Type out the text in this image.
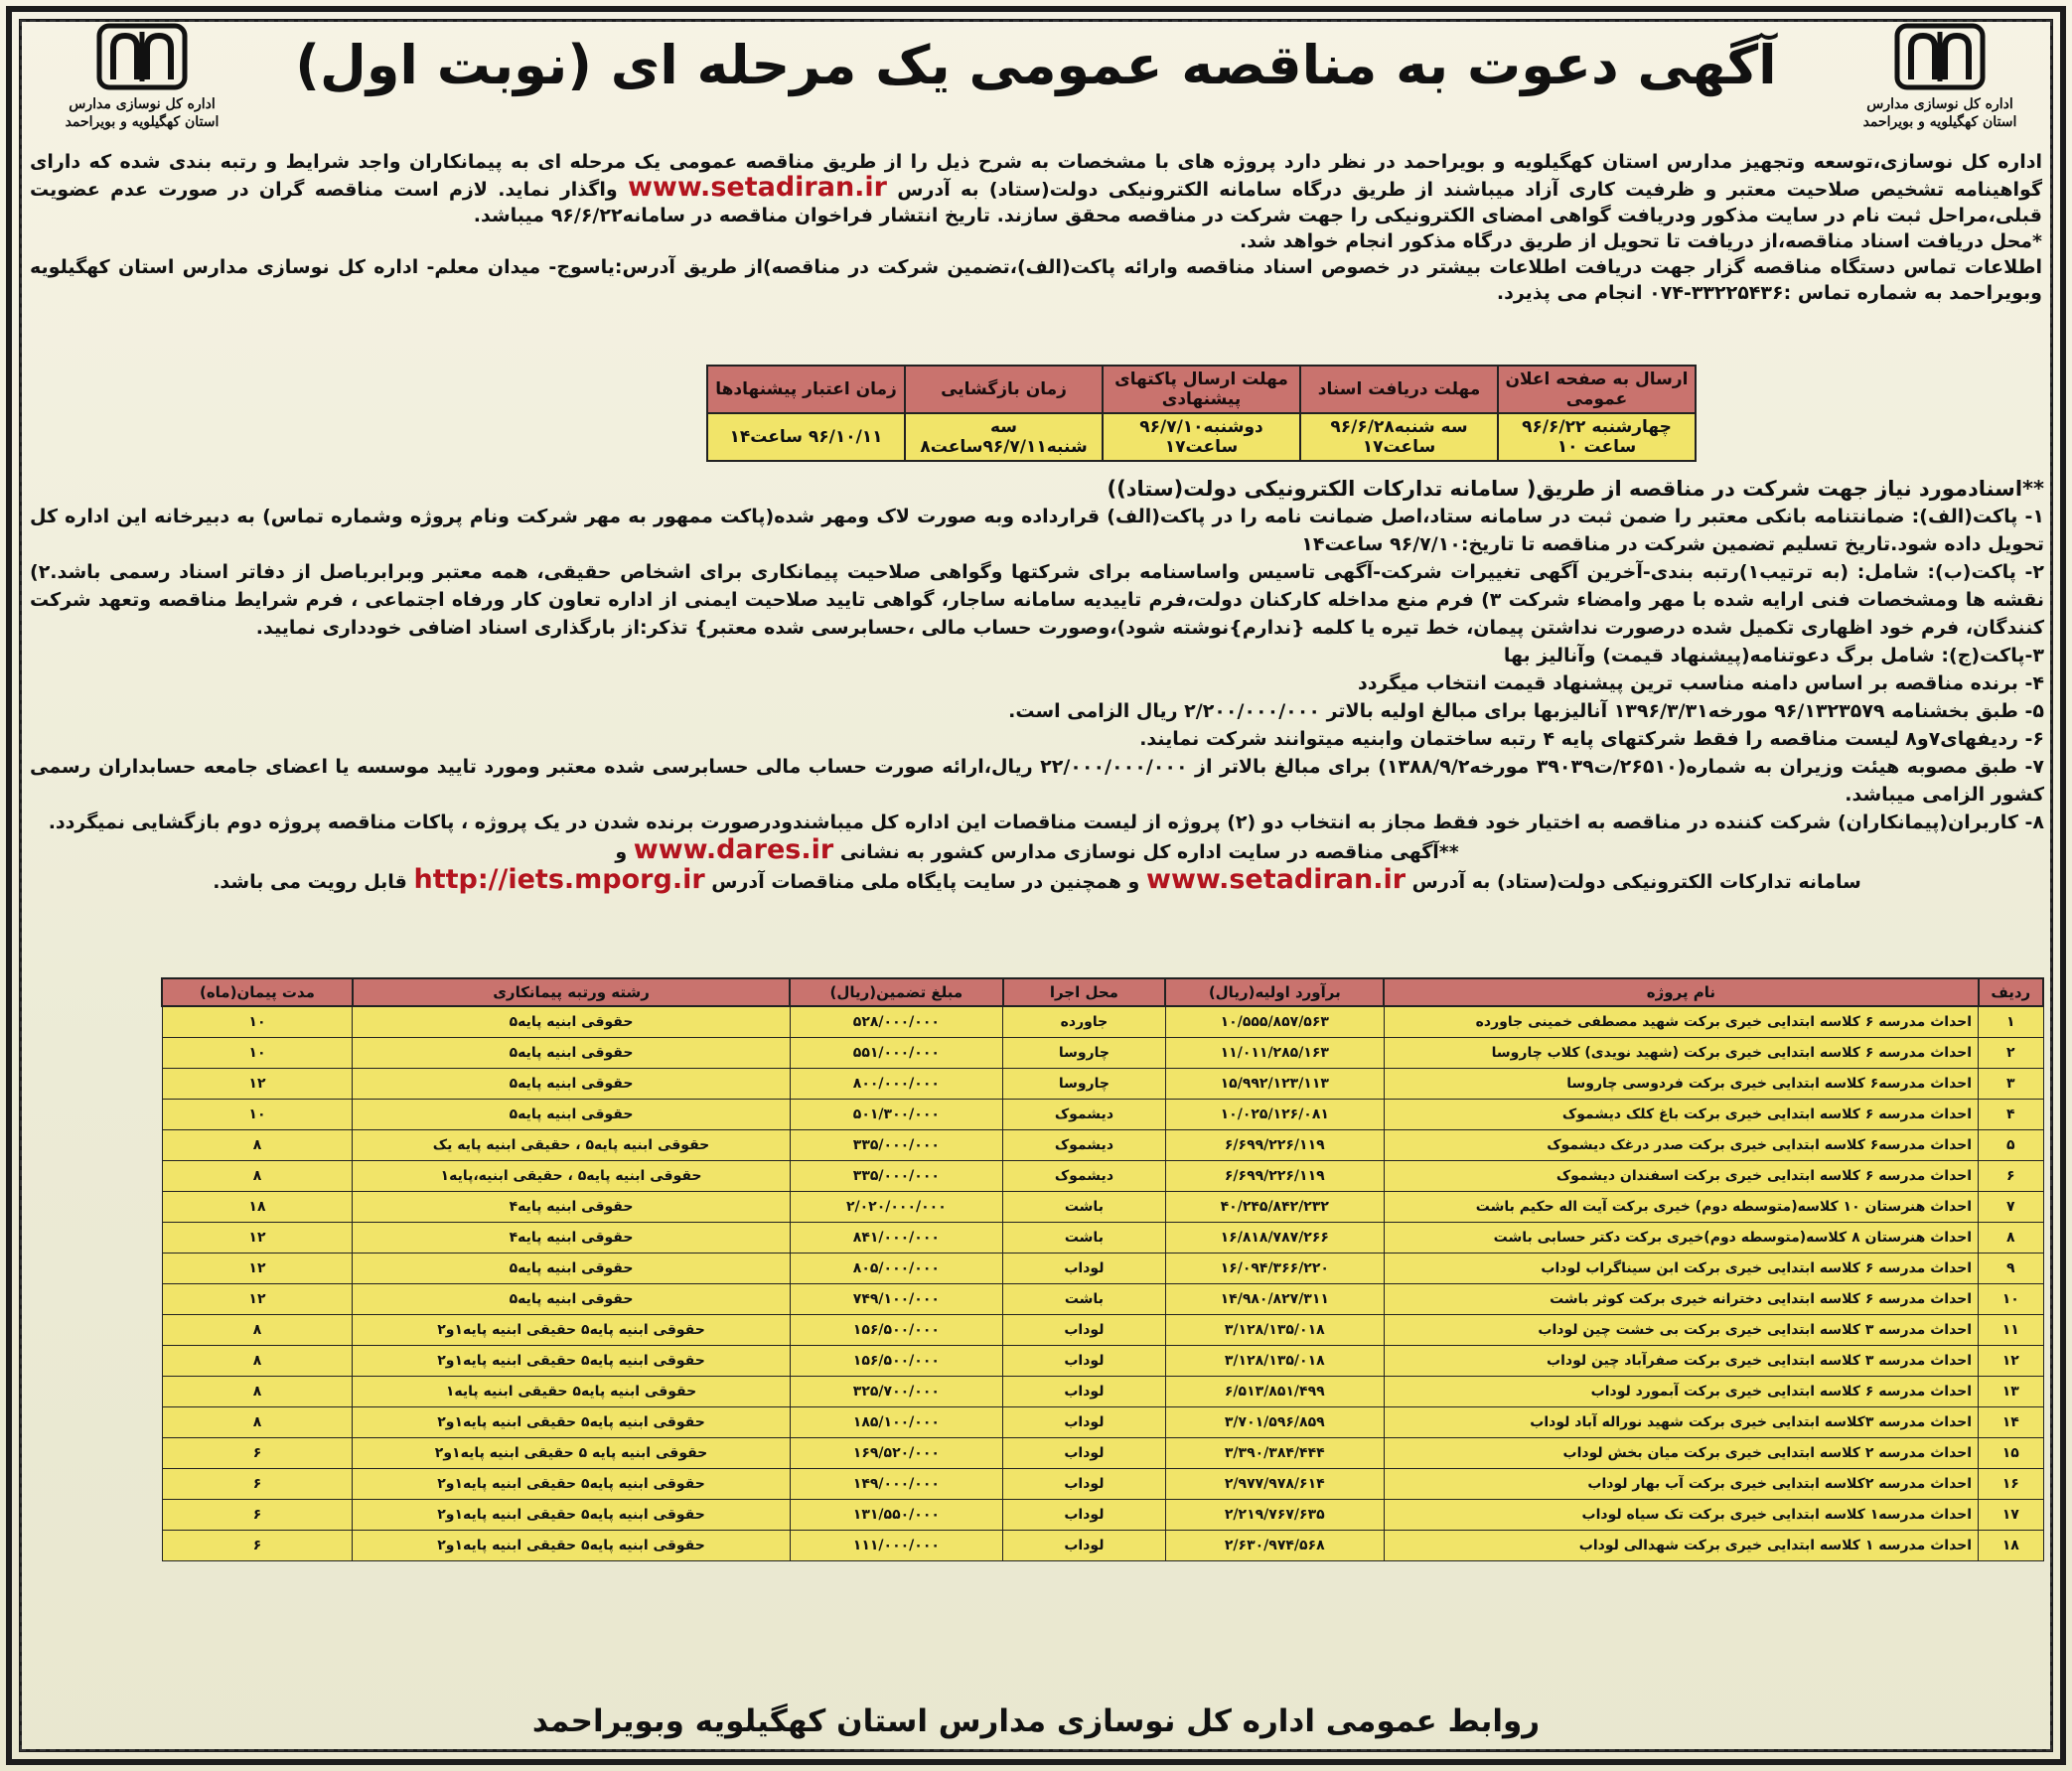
اداره کل نوسازی مدارس
استان کهگیلویه و بویراحمد
اداره کل نوسازی مدارس
استان کهگیلویه و بویراحمد
آگهی دعوت به مناقصه عمومی یک مرحله ای (نوبت اول)

اداره کل نوسازی،توسعه وتجهیز مدارس استان کهگیلویه و بویراحمد در نظر دارد پروژه های با مشخصات به شرح ذیل را از طریق مناقصه عمومی یک مرحله ای به پیمانکاران واجد شرایط و رتبه بندی شده که دارای گواهینامه تشخیص صلاحیت معتبر و ظرفیت کاری آزاد میباشند از طریق درگاه سامانه الکترونیکی دولت(ستاد) به آدرس www.setadiran.ir واگذار نماید. لازم است مناقصه گران در صورت عدم عضویت قبلی،مراحل ثبت نام در سایت مذکور ودریافت گواهی امضای الکترونیکی را جهت شرکت در مناقصه محقق سازند. تاریخ انتشار فراخوان مناقصه در سامانه۹۶/۶/۲۲ میباشد.

*محل دریافت اسناد مناقصه،از دریافت تا تحویل از طریق درگاه مذکور انجام خواهد شد.

اطلاعات تماس دستگاه مناقصه گزار جهت دریافت اطلاعات بیشتر در خصوص اسناد مناقصه وارائه پاکت(الف)،تضمین شرکت در مناقصه)از طریق آدرس:یاسوج- میدان معلم- اداره کل نوسازی مدارس استان کهگیلویه وبویراحمد به شماره تماس :۳۳۲۲۵۴۳۶-۰۷۴ انجام می پذیرد.

ارسال به صفحه اعلان عمومی	مهلت دریافت اسناد	مهلت ارسال پاکتهای پیشنهادی	زمان بازگشایی	زمان اعتبار پیشنهادها
چهارشنبه ۹۶/۶/۲۲ ساعت ۱۰	سه شنبه۹۶/۶/۲۸ ساعت۱۷	دوشنبه۹۶/۷/۱۰ ساعت۱۷	سه شنبه۹۶/۷/۱۱ساعت۸	۹۶/۱۰/۱۱ ساعت۱۴

**اسنادمورد نیاز جهت شرکت در مناقصه از طریق( سامانه تدارکات الکترونیکی دولت(ستاد))

۱- پاکت(الف): ضمانتنامه بانکی معتبر را ضمن ثبت در سامانه ستاد،اصل ضمانت نامه را در پاکت(الف) قرارداده وبه صورت لاک ومهر شده(پاکت ممهور به مهر شرکت ونام پروژه وشماره تماس) به دبیرخانه این اداره کل تحویل داده شود.تاریخ تسلیم تضمین شرکت در مناقصه تا تاریخ:۹۶/۷/۱۰ ساعت۱۴

۲- پاکت(ب): شامل: (به ترتیب۱)رتبه بندی-آخرین آگهی تغییرات شرکت-آگهی تاسیس واساسنامه برای شرکتها وگواهی صلاحیت پیمانکاری برای اشخاص حقیقی، همه معتبر وبرابرباصل از دفاتر اسناد رسمی باشد.۲) نقشه ها ومشخصات فنی ارایه شده با مهر وامضاء شرکت ۳) فرم منع مداخله کارکنان دولت،فرم تاییدیه سامانه ساجار، گواهی تایید صلاحیت ایمنی از اداره تعاون کار ورفاه اجتماعی ، فرم شرایط مناقصه وتعهد شرکت کنندگان، فرم خود اظهاری تکمیل شده درصورت نداشتن پیمان، خط تیره یا کلمه {ندارم}نوشته شود)،وصورت حساب مالی ،حسابرسی شده معتبر} تذکر:از بارگذاری اسناد اضافی خودداری نمایید.

۳-پاکت(ج): شامل برگ دعوتنامه(پیشنهاد قیمت) وآنالیز بها

۴- برنده مناقصه بر اساس دامنه مناسب ترین پیشنهاد قیمت انتخاب میگردد

۵- طبق بخشنامه ۹۶/۱۳۲۳۵۷۹ مورخه۱۳۹۶/۳/۳۱ آنالیزبها برای مبالغ اولیه بالاتر ۲/۲۰۰/۰۰۰/۰۰۰ ریال الزامی است.

۶- ردیفهای۷و۸ لیست مناقصه را فقط شرکتهای پایه ۴ رتبه ساختمان وابنیه میتوانند شرکت نمایند.

۷- طبق مصوبه هیئت وزیران به شماره(۲۶۵۱۰/ت۳۹۰۳۹ مورخه۱۳۸۸/۹/۲) برای مبالغ بالاتر از ۲۲/۰۰۰/۰۰۰/۰۰۰ ریال،ارائه صورت حساب مالی حسابرسی شده معتبر ومورد تایید موسسه یا اعضای جامعه حسابداران رسمی کشور الزامی میباشد.

۸- کاربران(پیمانکاران) شرکت کننده در مناقصه به اختیار خود فقط مجاز به انتخاب دو (۲) پروژه از لیست مناقصات این اداره کل میباشندودرصورت برنده شدن در یک پروژه ، پاکات مناقصه پروژه دوم بازگشایی نمیگردد.

**آگهی مناقصه در سایت اداره کل نوسازی مدارس کشور به نشانی www.dares.ir و

سامانه تدارکات الکترونیکی دولت(ستاد) به آدرس www.setadiran.ir و همچنین در سایت پایگاه ملی مناقصات آدرس http://iets.mporg.ir قابل رویت می باشد.

ردیف	نام پروژه	برآورد اولیه(ریال)	محل اجرا	مبلغ تضمین(ریال)	رشته ورتبه پیمانکاری	مدت پیمان(ماه)
۱	احداث مدرسه ۶ کلاسه ابتدایی خیری برکت شهید مصطفی خمینی جاورده	۱۰/۵۵۵/۸۵۷/۵۶۳	جاورده	۵۲۸/۰۰۰/۰۰۰	حقوقی ابنیه پایه۵	۱۰
۲	احداث مدرسه ۶ کلاسه ابتدایی خیری برکت (شهید نویدی) کلاب چاروسا	۱۱/۰۱۱/۲۸۵/۱۶۳	چاروسا	۵۵۱/۰۰۰/۰۰۰	حقوقی ابنیه پایه۵	۱۰
۳	احداث مدرسه۶ کلاسه ابتدایی خیری برکت فردوسی چاروسا	۱۵/۹۹۲/۱۲۳/۱۱۳	چاروسا	۸۰۰/۰۰۰/۰۰۰	حقوقی ابنیه پایه۵	۱۲
۴	احداث مدرسه ۶ کلاسه ابتدایی خیری برکت باغ کلک دیشموک	۱۰/۰۲۵/۱۲۶/۰۸۱	دیشموک	۵۰۱/۳۰۰/۰۰۰	حقوقی ابنیه پایه۵	۱۰
۵	احداث مدرسه۶ کلاسه ابتدایی خیری برکت صدر درغک دیشموک	۶/۶۹۹/۲۲۶/۱۱۹	دیشموک	۳۳۵/۰۰۰/۰۰۰	حقوقی ابنیه پایه۵ ، حقیقی ابنیه پایه یک	۸
۶	احداث مدرسه ۶ کلاسه ابتدایی خیری برکت اسفندان دیشموک	۶/۶۹۹/۲۲۶/۱۱۹	دیشموک	۳۳۵/۰۰۰/۰۰۰	حقوقی ابنیه پایه۵ ، حقیقی ابنیه،پایه۱	۸
۷	احداث هنرستان ۱۰ کلاسه(متوسطه دوم) خیری برکت آیت اله حکیم باشت	۴۰/۲۴۵/۸۴۲/۲۳۲	باشت	۲/۰۲۰/۰۰۰/۰۰۰	حقوقی ابنیه پایه۴	۱۸
۸	احداث هنرستان ۸ کلاسه(متوسطه دوم)خیری برکت دکتر حسابی باشت	۱۶/۸۱۸/۷۸۷/۲۶۶	باشت	۸۴۱/۰۰۰/۰۰۰	حقوقی ابنیه پایه۴	۱۲
۹	احداث مدرسه ۶ کلاسه ابتدایی خیری برکت ابن سیناگراب لوداب	۱۶/۰۹۴/۳۶۶/۲۲۰	لوداب	۸۰۵/۰۰۰/۰۰۰	حقوقی ابنیه پایه۵	۱۲
۱۰	احداث مدرسه ۶ کلاسه ابتدایی دخترانه خیری برکت کوثر باشت	۱۴/۹۸۰/۸۲۷/۳۱۱	باشت	۷۴۹/۱۰۰/۰۰۰	حقوقی ابنیه پایه۵	۱۲
۱۱	احداث مدرسه ۳ کلاسه ابتدایی خیری برکت بی خشت چین لوداب	۳/۱۲۸/۱۳۵/۰۱۸	لوداب	۱۵۶/۵۰۰/۰۰۰	حقوقی ابنیه پایه۵ حقیقی ابنیه پایه۱و۲	۸
۱۲	احداث مدرسه ۳ کلاسه ابتدایی خیری برکت صفرآباد چین لوداب	۳/۱۲۸/۱۳۵/۰۱۸	لوداب	۱۵۶/۵۰۰/۰۰۰	حقوقی ابنیه پایه۵ حقیقی ابنیه پایه۱و۲	۸
۱۳	احداث مدرسه ۶ کلاسه ابتدایی خیری برکت آبمورد لوداب	۶/۵۱۳/۸۵۱/۴۹۹	لوداب	۳۲۵/۷۰۰/۰۰۰	حقوقی ابنیه پایه۵ حقیقی ابنیه پایه۱	۸
۱۴	احداث مدرسه ۳کلاسه ابتدایی خیری برکت شهید نوراله آباد لوداب	۳/۷۰۱/۵۹۶/۸۵۹	لوداب	۱۸۵/۱۰۰/۰۰۰	حقوقی ابنیه پایه۵ حقیقی ابنیه پایه۱و۲	۸
۱۵	احداث مدرسه ۲ کلاسه ابتدایی خیری برکت میان بخش لوداب	۳/۳۹۰/۳۸۴/۴۴۴	لوداب	۱۶۹/۵۲۰/۰۰۰	حقوقی ابنیه پایه ۵ حقیقی ابنیه پایه۱و۲	۶
۱۶	احداث مدرسه ۲کلاسه ابتدایی خیری برکت آب بهار لوداب	۲/۹۷۷/۹۷۸/۶۱۴	لوداب	۱۴۹/۰۰۰/۰۰۰	حقوقی ابنیه پایه۵ حقیقی ابنیه پایه۱و۲	۶
۱۷	احداث مدرسه۱ کلاسه ابتدایی خیری برکت تک سیاه لوداب	۲/۲۱۹/۷۶۷/۶۳۵	لوداب	۱۳۱/۵۵۰/۰۰۰	حقوقی ابنیه پایه۵ حقیقی ابنیه پایه۱و۲	۶
۱۸	احداث مدرسه ۱ کلاسه ابتدایی خیری برکت شهدالی لوداب	۲/۶۳۰/۹۷۴/۵۶۸	لوداب	۱۱۱/۰۰۰/۰۰۰	حقوقی ابنیه پایه۵ حقیقی ابنیه پایه۱و۲	۶
روابط عمومی اداره کل نوسازی مدارس استان کهگیلویه وبویراحمد
